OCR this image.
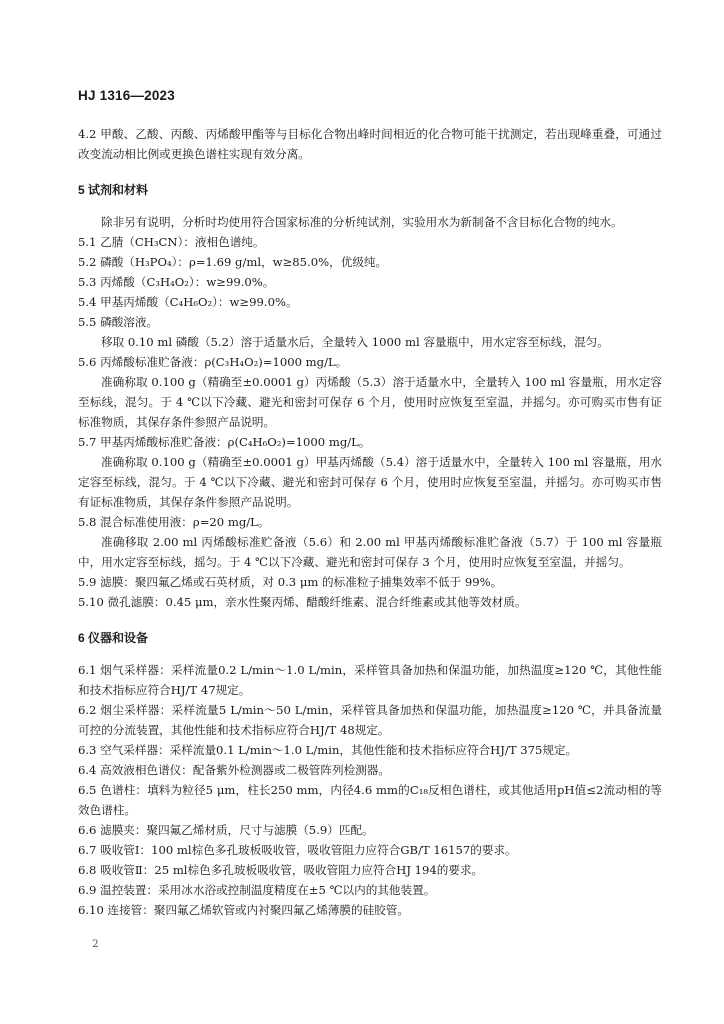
HJ 1316—2023

4.2 甲酸、乙酸、丙酸、丙烯酸甲酯等与目标化合物出峰时间相近的化合物可能干扰测定，若出现峰重叠，可通过改变流动相比例或更换色谱柱实现有效分离。

5 试剂和材料

除非另有说明，分析时均使用符合国家标准的分析纯试剂，实验用水为新制备不含目标化合物的纯水。

5.1 乙腈（CH₃CN）：液相色谱纯。

5.2 磷酸（H₃PO₄）：ρ=1.69 g/ml，w≥85.0%，优级纯。

5.3 丙烯酸（C₃H₄O₂）：w≥99.0%。

5.4 甲基丙烯酸（C₄H₆O₂）：w≥99.0%。

5.5 磷酸溶液。

移取 0.10 ml 磷酸（5.2）溶于适量水后，全量转入 1000 ml 容量瓶中，用水定容至标线，混匀。

5.6 丙烯酸标准贮备液：ρ(C₃H₄O₂)=1000 mg/L。

准确称取 0.100 g（精确至±0.0001 g）丙烯酸（5.3）溶于适量水中，全量转入 100 ml 容量瓶，用水定容至标线，混匀。于 4 ℃以下冷藏、避光和密封可保存 6 个月，使用时应恢复至室温，并摇匀。亦可购买市售有证标准物质，其保存条件参照产品说明。

5.7 甲基丙烯酸标准贮备液：ρ(C₄H₆O₂)=1000 mg/L。

准确称取 0.100 g（精确至±0.0001 g）甲基丙烯酸（5.4）溶于适量水中，全量转入 100 ml 容量瓶，用水定容至标线，混匀。于 4 ℃以下冷藏、避光和密封可保存 6 个月，使用时应恢复至室温，并摇匀。亦可购买市售有证标准物质，其保存条件参照产品说明。

5.8 混合标准使用液：ρ=20 mg/L。

准确移取 2.00 ml 丙烯酸标准贮备液（5.6）和 2.00 ml 甲基丙烯酸标准贮备液（5.7）于 100 ml 容量瓶中，用水定容至标线，摇匀。于 4 ℃以下冷藏、避光和密封可保存 3 个月，使用时应恢复至室温，并摇匀。

5.9 滤膜：聚四氟乙烯或石英材质，对 0.3 μm 的标准粒子捕集效率不低于 99%。

5.10 微孔滤膜：0.45 μm，亲水性聚丙烯、醋酸纤维素、混合纤维素或其他等效材质。

6 仪器和设备

6.1 烟气采样器：采样流量0.2 L/min～1.0 L/min，采样管具备加热和保温功能，加热温度≥120 ℃，其他性能和技术指标应符合HJ/T 47规定。

6.2 烟尘采样器：采样流量5 L/min～50 L/min，采样管具备加热和保温功能，加热温度≥120 ℃，并具备流量可控的分流装置，其他性能和技术指标应符合HJ/T 48规定。

6.3 空气采样器：采样流量0.1 L/min～1.0 L/min，其他性能和技术指标应符合HJ/T 375规定。

6.4 高效液相色谱仪：配备紫外检测器或二极管阵列检测器。

6.5 色谱柱：填料为粒径5 μm，柱长250 mm，内径4.6 mm的C₁₈反相色谱柱，或其他适用pH值≤2流动相的等效色谱柱。

6.6 滤膜夹：聚四氟乙烯材质，尺寸与滤膜（5.9）匹配。

6.7 吸收管Ⅰ：100 ml棕色多孔玻板吸收管，吸收管阻力应符合GB/T 16157的要求。

6.8 吸收管Ⅱ：25 ml棕色多孔玻板吸收管，吸收管阻力应符合HJ 194的要求。

6.9 温控装置：采用冰水浴或控制温度精度在±5 ℃以内的其他装置。

6.10 连接管：聚四氟乙烯软管或内衬聚四氟乙烯薄膜的硅胶管。

2
